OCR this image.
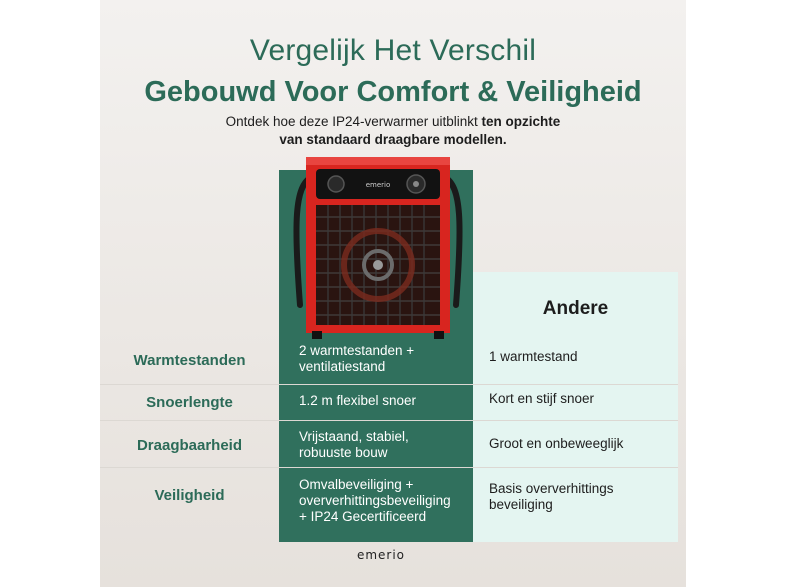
Vergelijk Het Verschil
Gebouwd Voor Comfort & Veiligheid
Ontdek hoe deze IP24-verwarmer uitblinkt ten opzichte
van standaard draagbare modellen.
Andere
emerio
Warmtestanden
2 warmtestanden +
ventilatiestand
1 warmtestand
Snoerlengte	1.2 m flexibel snoer	Kort en stijf snoer
Draagbaarheid
Vrijstaand, stabiel,
robuuste bouw
Groot en onbeweeglijk
Veiligheid
Omvalbeveiliging +
oververhittingsbeveiliging
+ IP24 Gecertificeerd
Basis oververhittings
beveiliging
emerio
